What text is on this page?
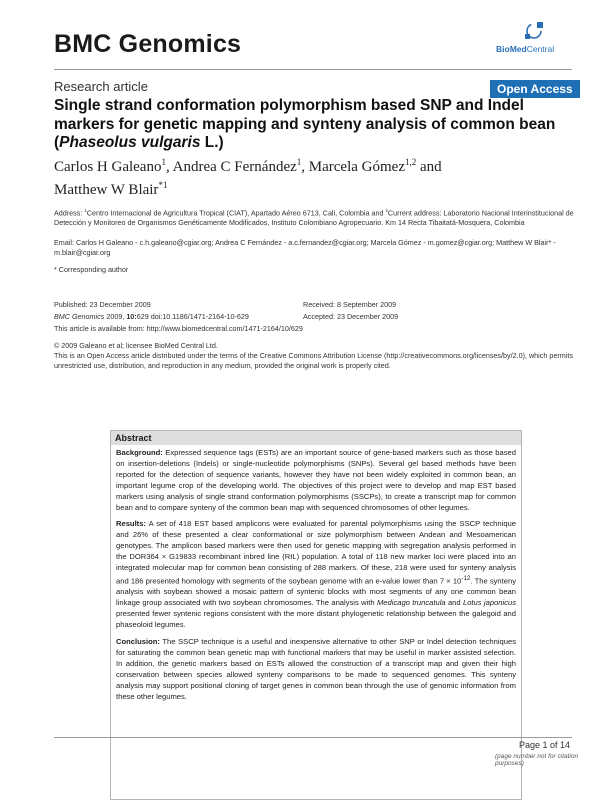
BMC Genomics	BioMedCentral
Research article	Open Access
Single strand conformation polymorphism based SNP and Indel markers for genetic mapping and synteny analysis of common bean (Phaseolus vulgaris L.)
Carlos H Galeano$^1$, Andrea C Fernández$^1$, Marcela Gómez$^{1,2}$ and
Matthew W Blair$^{*1}$
Address: $^1$Centro Internacional de Agricultura Tropical (CIAT), Apartado Aéreo 6713, Cali, Colombia and $^2$Current address: Laboratorio Nacional Interinstitucional de Detección y Monitoreo de Organismos Genéticamente Modificados, Instituto Colombiano Agropecuario. Km 14 Recta Tibaitatá-Mosquera, Colombia
Email: Carlos H Galeano - c.h.galeano@cgiar.org; Andrea C Fernández - a.c.fernandez@cgiar.org; Marcela Gómez - m.gomez@cgiar.org; Matthew W Blair* - m.blair@cgiar.org
* Corresponding author
Published: 23 December 2009
BMC Genomics 2009, 10:629 doi:10.1186/1471-2164-10-629
This article is available from: http://www.biomedcentral.com/1471-2164/10/629
Received: 8 September 2009
Accepted: 23 December 2009
© 2009 Galeano et al; licensee BioMed Central Ltd.
This is an Open Access article distributed under the terms of the Creative Commons Attribution License (http://creativecommons.org/licenses/by/2.0), which permits unrestricted use, distribution, and reproduction in any medium, provided the original work is properly cited.
Abstract

Background: Expressed sequence tags (ESTs) are an important source of gene-based markers such as those based on insertion-deletions (Indels) or single-nucleotide polymorphisms (SNPs). Several gel based methods have been reported for the detection of sequence variants, however they have not been widely exploited in common bean, an important legume crop of the developing world. The objectives of this project were to develop and map EST based markers using analysis of single strand conformation polymorphisms (SSCPs), to create a transcript map for common bean and to compare synteny of the common bean map with sequenced chromosomes of other legumes.

Results: A set of 418 EST based amplicons were evaluated for parental polymorphisms using the SSCP technique and 26% of these presented a clear conformational or size polymorphism between Andean and Mesoamerican genotypes. The amplicon based markers were then used for genetic mapping with segregation analysis performed in the DOR364 × G19833 recombinant inbred line (RIL) population. A total of 118 new marker loci were placed into an integrated molecular map for common bean consisting of 288 markers. Of these, 218 were used for synteny analysis and 186 presented homology with segments of the soybean genome with an e-value lower than $7 \times 10^{-12}$. The synteny analysis with soybean showed a mosaic pattern of syntenic blocks with most segments of any one common bean linkage group associated with two soybean chromosomes. The analysis with Medicago truncatula and Lotus japonicus presented fewer syntenic regions consistent with the more distant phylogenetic relationship between the galegoid and phaseoloid legumes.

Conclusion: The SSCP technique is a useful and inexpensive alternative to other SNP or Indel detection techniques for saturating the common bean genetic map with functional markers that may be useful in marker assisted selection. In addition, the genetic markers based on ESTs allowed the construction of a transcript map and given their high conservation between species allowed synteny comparisons to be made to sequenced genomes. This synteny analysis may support positional cloning of target genes in common bean through the use of genomic information from these other legumes.

Page 1 of 14
(page number not for citation purposes)
